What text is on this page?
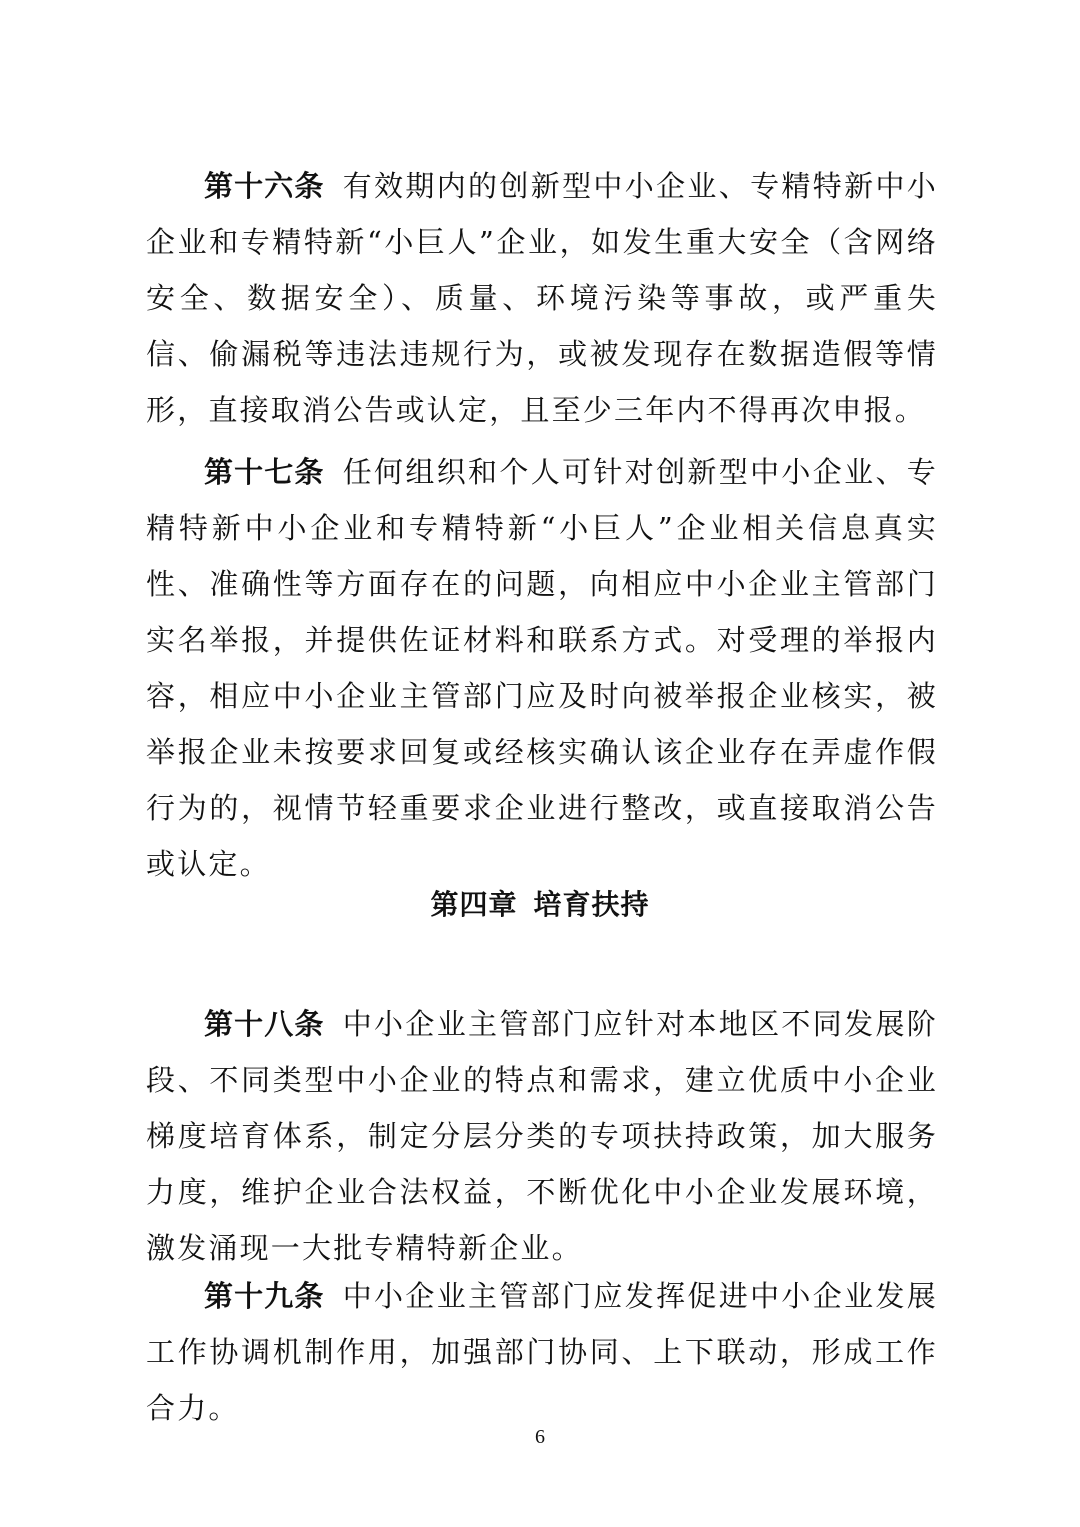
第十六条 有效期内的创新型中小企业、专精特新中小企业和专精特新“小巨人”企业，如发生重大安全（含网络安全、数据安全）、质量、环境污染等事故，或严重失信、偷漏税等违法违规行为，或被发现存在数据造假等情形，直接取消公告或认定，且至少三年内不得再次申报。

第十七条 任何组织和个人可针对创新型中小企业、专精特新中小企业和专精特新“小巨人”企业相关信息真实性、准确性等方面存在的问题，向相应中小企业主管部门实名举报，并提供佐证材料和联系方式。对受理的举报内容，相应中小企业主管部门应及时向被举报企业核实，被举报企业未按要求回复或经核实确认该企业存在弄虚作假行为的，视情节轻重要求企业进行整改，或直接取消公告或认定。

第四章 培育扶持

第十八条 中小企业主管部门应针对本地区不同发展阶段、不同类型中小企业的特点和需求，建立优质中小企业梯度培育体系，制定分层分类的专项扶持政策，加大服务力度，维护企业合法权益，不断优化中小企业发展环境，激发涌现一大批专精特新企业。

第十九条 中小企业主管部门应发挥促进中小企业发展工作协调机制作用，加强部门协同、上下联动，形成工作合力。

6
